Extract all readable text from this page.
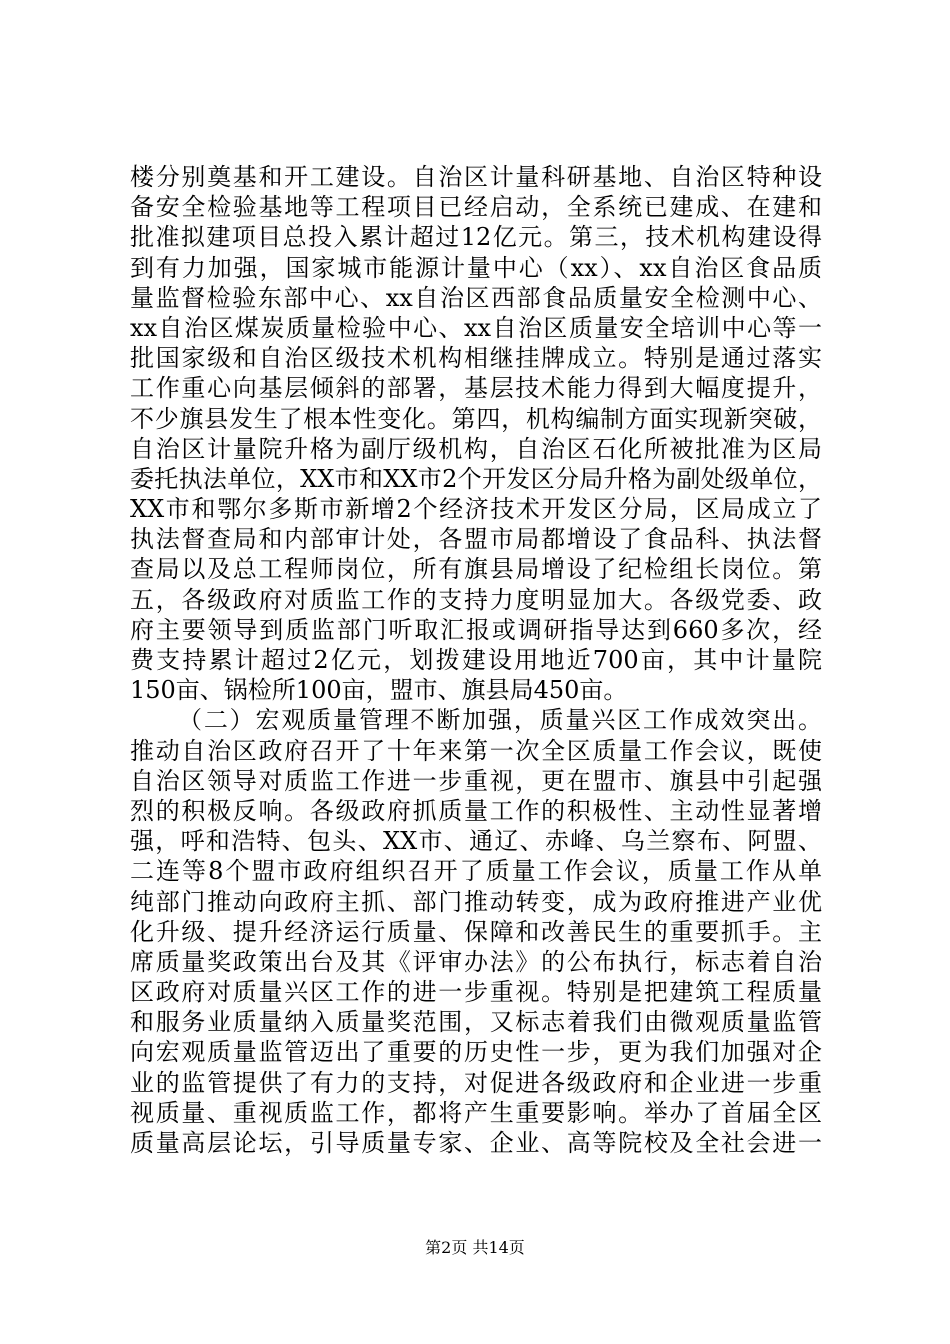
楼分别奠基和开工建设。自治区计量科研基地、自治区特种设
备安全检验基地等工程项目已经启动，全系统已建成、在建和
批准拟建项目总投入累计超过12亿元。第三，技术机构建设得
到有力加强，国家城市能源计量中心（xx）、xx自治区食品质
量监督检验东部中心、xx自治区西部食品质量安全检测中心、
xx自治区煤炭质量检验中心、xx自治区质量安全培训中心等一
批国家级和自治区级技术机构相继挂牌成立。特别是通过落实
工作重心向基层倾斜的部署，基层技术能力得到大幅度提升，
不少旗县发生了根本性变化。第四，机构编制方面实现新突破，
自治区计量院升格为副厅级机构，自治区石化所被批准为区局
委托执法单位，XX市和XX市2个开发区分局升格为副处级单位，
XX市和鄂尔多斯市新增2个经济技术开发区分局，区局成立了
执法督查局和内部审计处，各盟市局都增设了食品科、执法督
查局以及总工程师岗位，所有旗县局增设了纪检组长岗位。第
五，各级政府对质监工作的支持力度明显加大。各级党委、政
府主要领导到质监部门听取汇报或调研指导达到660多次，经
费支持累计超过2亿元，划拨建设用地近700亩，其中计量院
150亩、锅检所100亩，盟市、旗县局450亩。
（二）宏观质量管理不断加强，质量兴区工作成效突出。
推动自治区政府召开了十年来第一次全区质量工作会议，既使
自治区领导对质监工作进一步重视，更在盟市、旗县中引起强
烈的积极反响。各级政府抓质量工作的积极性、主动性显著增
强，呼和浩特、包头、XX市、通辽、赤峰、乌兰察布、阿盟、
二连等8个盟市政府组织召开了质量工作会议，质量工作从单
纯部门推动向政府主抓、部门推动转变，成为政府推进产业优
化升级、提升经济运行质量、保障和改善民生的重要抓手。主
席质量奖政策出台及其《评审办法》的公布执行，标志着自治
区政府对质量兴区工作的进一步重视。特别是把建筑工程质量
和服务业质量纳入质量奖范围，又标志着我们由微观质量监管
向宏观质量监管迈出了重要的历史性一步，更为我们加强对企
业的监管提供了有力的支持，对促进各级政府和企业进一步重
视质量、重视质监工作，都将产生重要影响。举办了首届全区
质量高层论坛，引导质量专家、企业、高等院校及全社会进一
第2页 共14页
